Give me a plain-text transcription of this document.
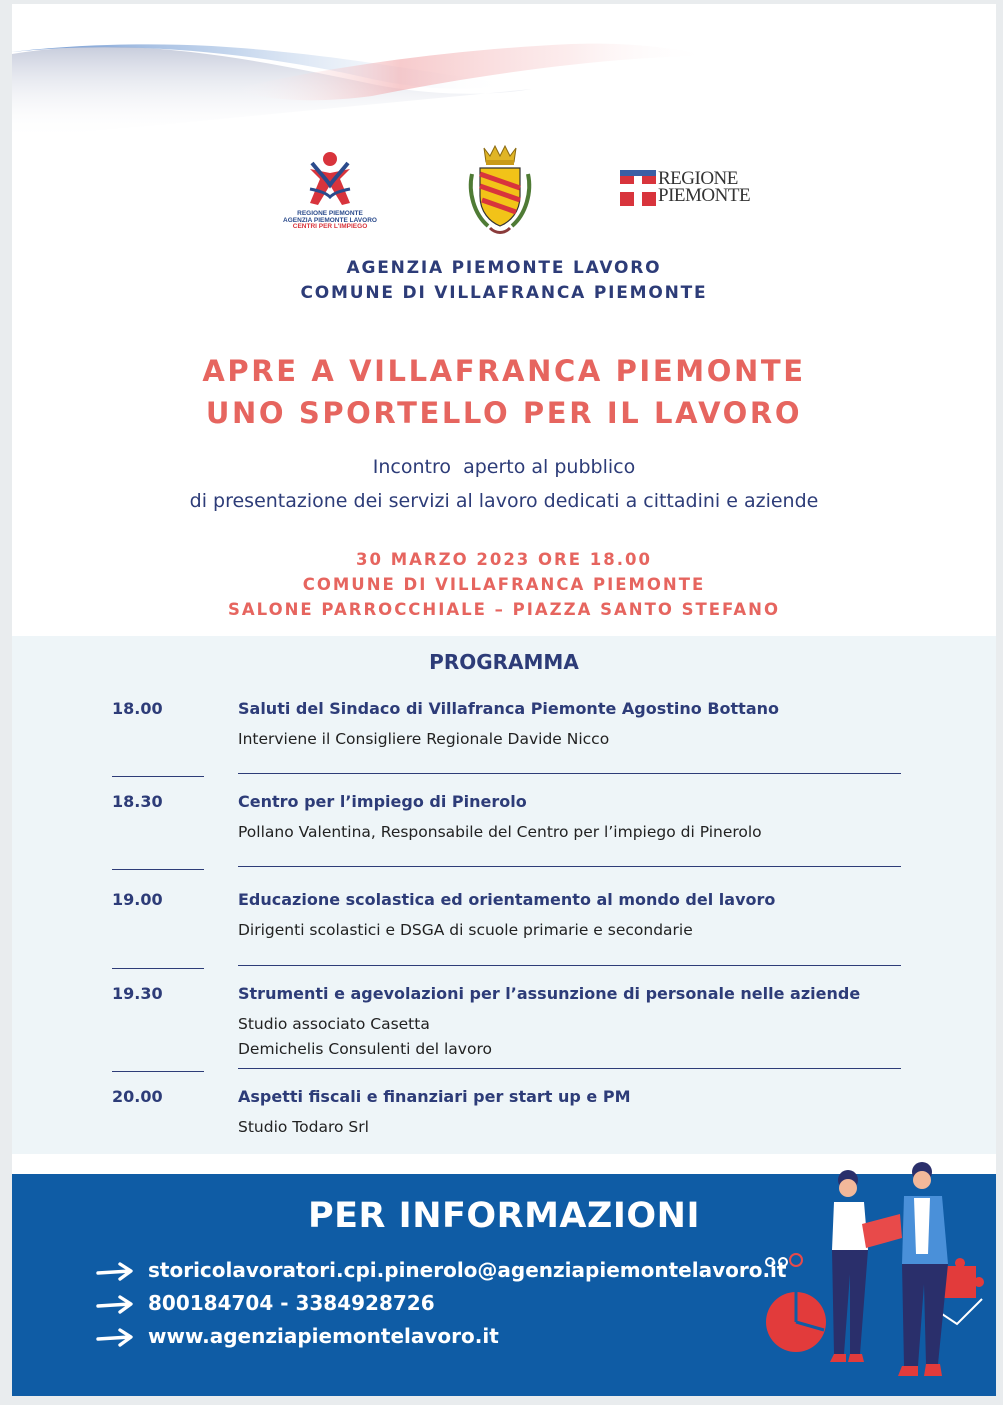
REGIONE PIEMONTE
AGENZIA PIEMONTE LAVORO
CENTRI PER L'IMPIEGO
REGIONE
PIEMONTE
AGENZIA PIEMONTE LAVORO
COMUNE DI VILLAFRANCA PIEMONTE
APRE A VILLAFRANCA PIEMONTE
UNO SPORTELLO PER IL LAVORO

Incontro  aperto al pubblico
di presentazione dei servizi al lavoro dedicati a cittadini e aziende

30 MARZO 2023 ORE 18.00
COMUNE DI VILLAFRANCA PIEMONTE
SALONE PARROCCHIALE – PIAZZA SANTO STEFANO

PROGRAMMA
18.00	Saluti del Sindaco di Villafranca Piemonte Agostino Bottano
Interviene il Consigliere Regionale Davide Nicco
18.30	Centro per l’impiego di Pinerolo
Pollano Valentina, Responsabile del Centro per l’impiego di Pinerolo
19.00	Educazione scolastica ed orientamento al mondo del lavoro
Dirigenti scolastici e DSGA di scuole primarie e secondarie
19.30	Strumenti e agevolazioni per l’assunzione di personale nelle aziende
Studio associato Casetta
Demichelis Consulenti del lavoro
20.00	Aspetti fiscali e finanziari per start up e PM
Studio Todaro Srl
PER INFORMAZIONI
storicolavoratori.cpi.pinerolo@agenziapiemontelavoro.it
800184704 - 3384928726
www.agenziapiemontelavoro.it
